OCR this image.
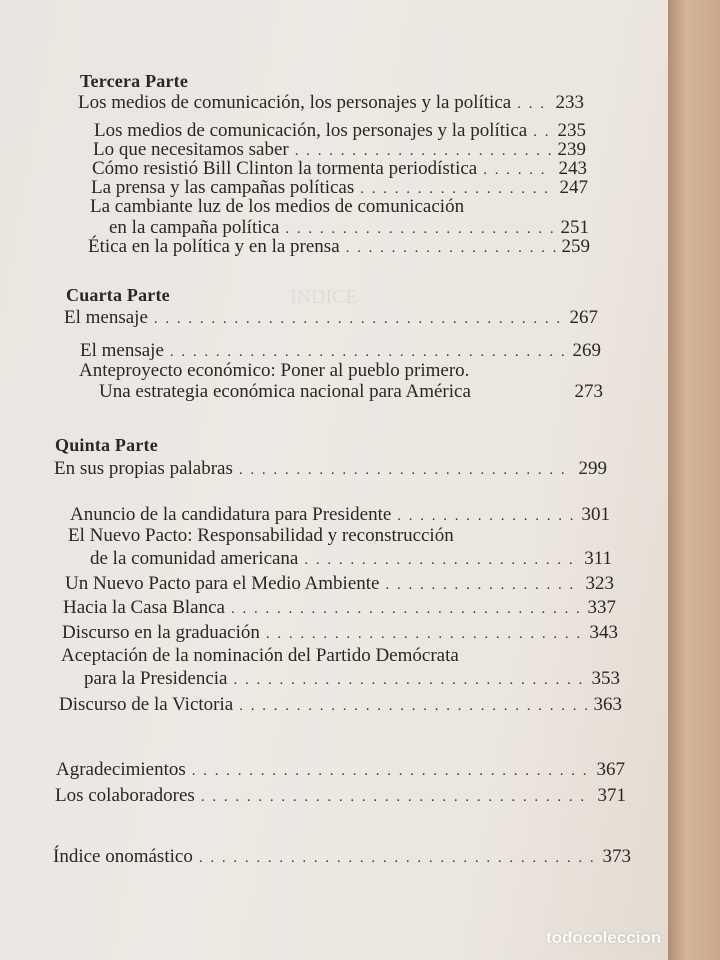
INDICE
Tercera Parte
Los medios de comunicación, los personajes y la política . . . 233
Los medios de comunicación, los personajes y la política . . . 235
Lo que necesitamos saber . . .	239
Cómo resistió Bill Clinton la tormenta periodística . . .	243
La prensa y las campañas políticas . . .	247
La cambiante luz de los medios de comunicación
en la campaña política . . .	251
Ética en la política y en la prensa . . .	259
Cuarta Parte
El mensaje . . .	267
El mensaje . . .	269
Anteproyecto económico: Poner al pueblo primero.
Una estrategia económica nacional para América	273
Quinta Parte
En sus propias palabras . . .	299
Anuncio de la candidatura para Presidente . . .	301
El Nuevo Pacto: Responsabilidad y reconstrucción
de la comunidad americana . . .	311
Un Nuevo Pacto para el Medio Ambiente . . .	323
Hacia la Casa Blanca . . .	337
Discurso en la graduación . . .	343
Aceptación de la nominación del Partido Demócrata
para la Presidencia . . .	353
Discurso de la Victoria . . .	363
Agradecimientos . . .	367
Los colaboradores . . .	371
Índice onomástico . . .	373
todocoleccion
